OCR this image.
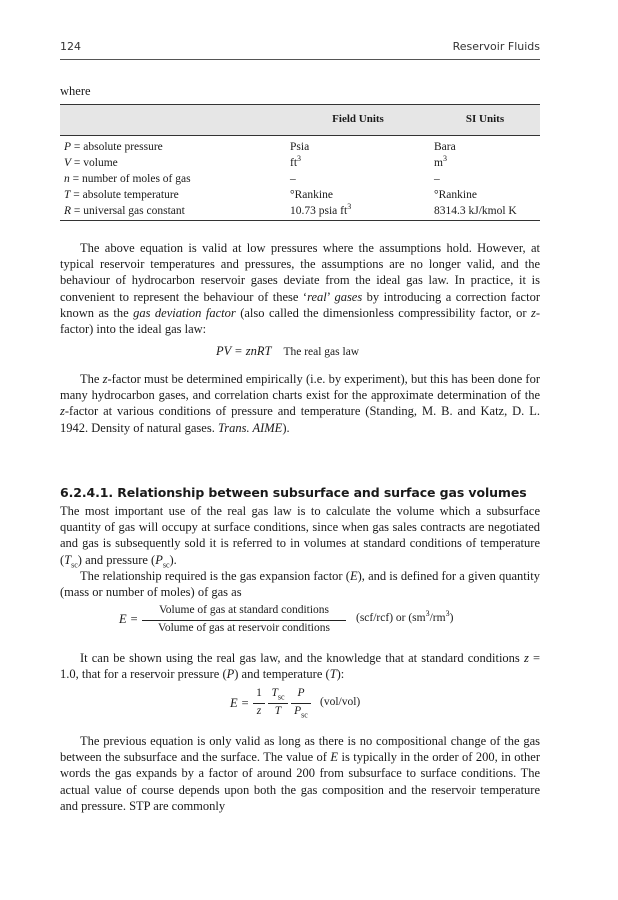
124	Reservoir Fluids
where
	Field Units	SI Units
P = absolute pressure	Psia	Bara
V = volume	$ft^3$	$m^3$
n = number of moles of gas	–	–
T = absolute temperature	°Rankine	°Rankine
R = universal gas constant	10.73 psia $ft^3$	8314.3 kJ/kmol K

The above equation is valid at low pressures where the assumptions hold. However, at typical reservoir temperatures and pressures, the assumptions are no longer valid, and the behaviour of hydrocarbon reservoir gases deviate from the ideal gas law. In practice, it is convenient to represent the behaviour of these ‘real’ gases by introducing a correction factor known as the gas deviation factor (also called the dimensionless compressibility factor, or z-factor) into the ideal gas law:

PV = znRT The real gas law

The z-factor must be determined empirically (i.e. by experiment), but this has been done for many hydrocarbon gases, and correlation charts exist for the approximate determination of the z-factor at various conditions of pressure and temperature (Standing, M. B. and Katz, D. L. 1942. Density of natural gases. Trans. AIME).

6.2.4.1. Relationship between subsurface and surface gas volumes

The most important use of the real gas law is to calculate the volume which a subsurface quantity of gas will occupy at surface conditions, since when gas sales contracts are negotiated and gas is subsequently sold it is referred to in volumes at standard conditions of temperature $(T_{sc})$ and pressure $(P_{sc})$.

The relationship required is the gas expansion factor (E), and is defined for a given quantity (mass or number of moles) of gas as

E =
Volume of gas at standard conditions
Volume of gas at reservoir conditions
(scf/rcf) or $(sm^3/rm^3)$

It can be shown using the real gas law, and the knowledge that at standard conditions z = 1.0, that for a reservoir pressure (P) and temperature (T):

E =
1
z
$T_{sc}$
T
P
$P_{sc}$
(vol/vol)

The previous equation is only valid as long as there is no compositional change of the gas between the subsurface and the surface. The value of E is typically in the order of 200, in other words the gas expands by a factor of around 200 from subsurface to surface conditions. The actual value of course depends upon both the gas composition and the reservoir temperature and pressure. STP are commonly
